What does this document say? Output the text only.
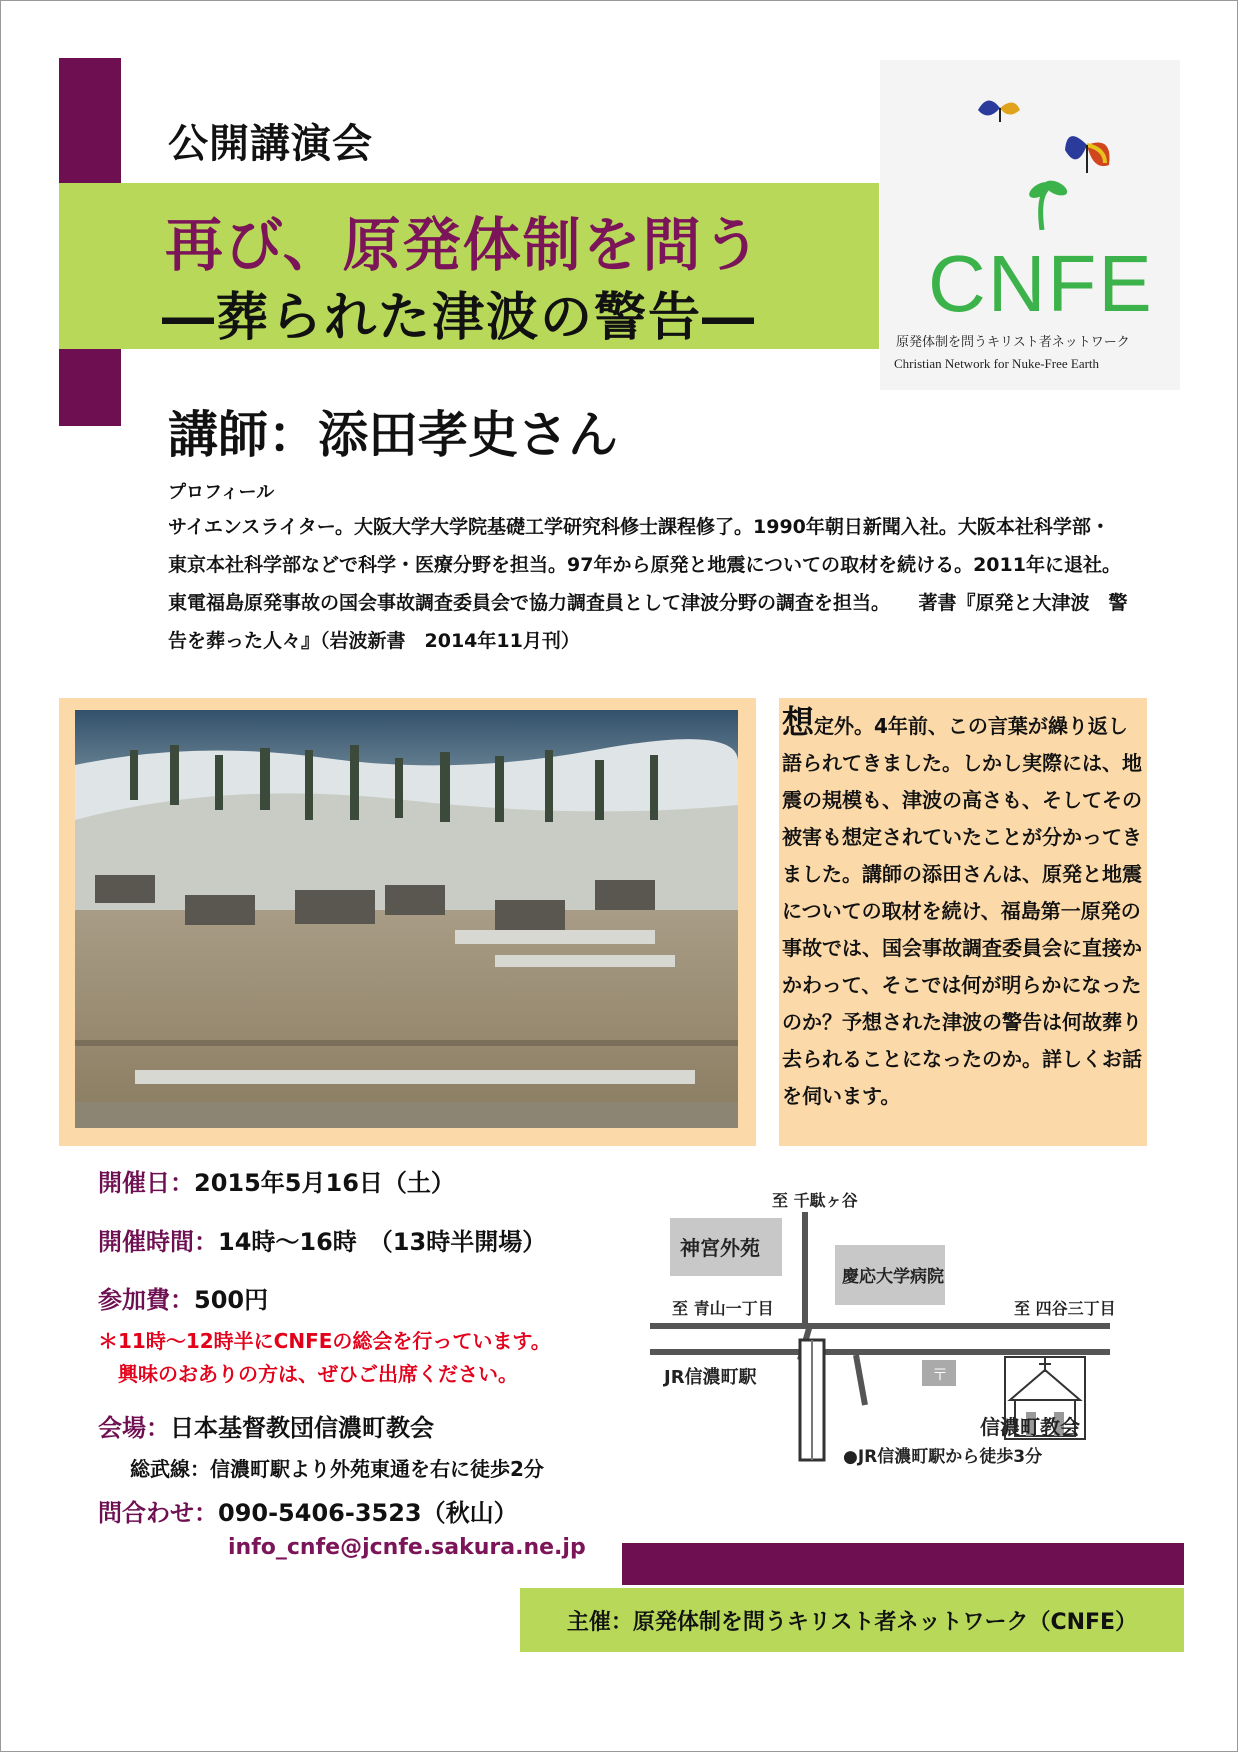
公開講演会
再び、原発体制を問う
―葬られた津波の警告― CNFE
原発体制を問うキリスト者ネットワーク
Christian Network for Nuke-Free Earth
講師：添田孝史さん
プロフィール
サイエンスライター。大阪大学大学院基礎工学研究科修士課程修了。1990年朝日新聞入社。大阪本社科学部・東京本社科学部などで科学・医療分野を担当。97年から原発と地震についての取材を続ける。2011年に退社。東電福島原発事故の国会事故調査委員会で協力調査員として津波分野の調査を担当。　　著書『原発と大津波　警告を葬った人々』（岩波新書　2014年11月刊）
想定外。4年前、この言葉が繰り返し語られてきました。しかし実際には、地震の規模も、津波の高さも、そしてその被害も想定されていたことが分かってきました。講師の添田さんは、原発と地震についての取材を続け、福島第一原発の事故では、国会事故調査委員会に直接かかわって、そこでは何が明らかになったのか？予想された津波の警告は何故葬り去られることになったのか。詳しくお話を伺います。
開催日：2015年5月16日（土）
開催時間：14時～16時　（13時半開場）
参加費：500円
＊11時～12時半にCNFEの総会を行っています。
興味のおありの方は、ぜひご出席ください。
会場：日本基督教団信濃町教会
総武線：信濃町駅より外苑東通を右に徒歩2分
問合わせ：090-5406-3523（秋山）
info_cnfe@jcnfe.sakura.ne.jp
至 千駄ヶ谷
神宮外苑
慶応大学病院
至 青山一丁目	至 四谷三丁目
JR信濃町駅	〒
信濃町教会
●JR信濃町駅から徒歩3分
主催：原発体制を問うキリスト者ネットワーク（CNFE）
